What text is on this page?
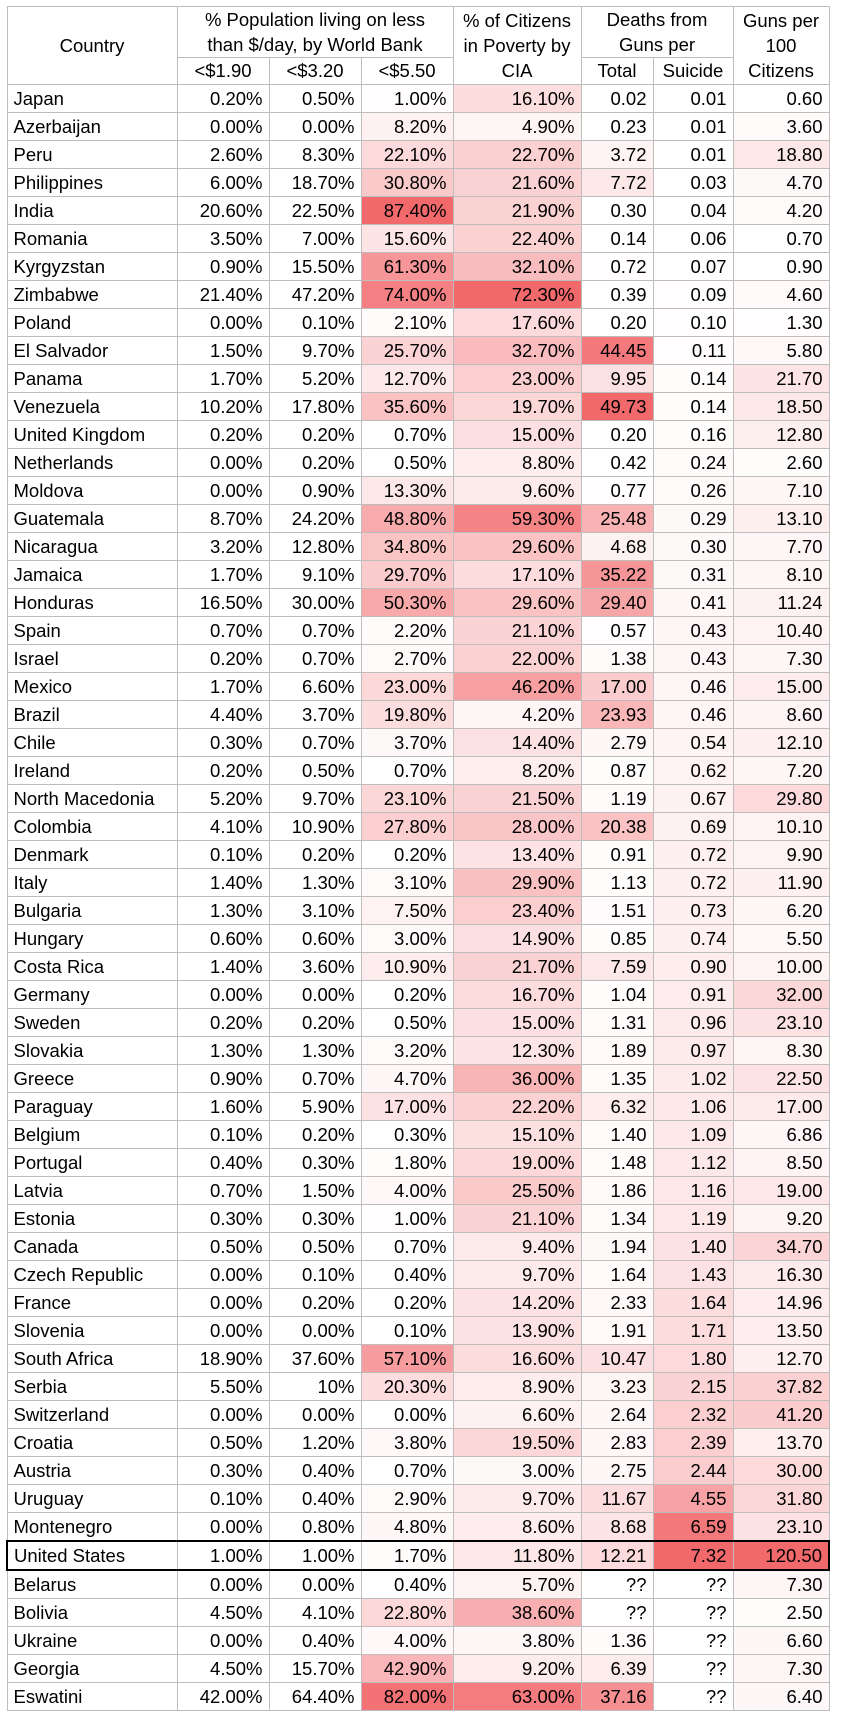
Country	% Population living on less than $/day, by World Bank			% of Citizens in Poverty by CIA	Deaths from Guns per		Guns per 100 Citizens
	<$1.90	<$3.20	<$5.50		Total	Suicide	
Japan	0.20%	0.50%	1.00%	16.10%	0.02	0.01	0.60
Azerbaijan	0.00%	0.00%	8.20%	4.90%	0.23	0.01	3.60
Peru	2.60%	8.30%	22.10%	22.70%	3.72	0.01	18.80
Philippines	6.00%	18.70%	30.80%	21.60%	7.72	0.03	4.70
India	20.60%	22.50%	87.40%	21.90%	0.30	0.04	4.20
Romania	3.50%	7.00%	15.60%	22.40%	0.14	0.06	0.70
Kyrgyzstan	0.90%	15.50%	61.30%	32.10%	0.72	0.07	0.90
Zimbabwe	21.40%	47.20%	74.00%	72.30%	0.39	0.09	4.60
Poland	0.00%	0.10%	2.10%	17.60%	0.20	0.10	1.30
El Salvador	1.50%	9.70%	25.70%	32.70%	44.45	0.11	5.80
Panama	1.70%	5.20%	12.70%	23.00%	9.95	0.14	21.70
Venezuela	10.20%	17.80%	35.60%	19.70%	49.73	0.14	18.50
United Kingdom	0.20%	0.20%	0.70%	15.00%	0.20	0.16	12.80
Netherlands	0.00%	0.20%	0.50%	8.80%	0.42	0.24	2.60
Moldova	0.00%	0.90%	13.30%	9.60%	0.77	0.26	7.10
Guatemala	8.70%	24.20%	48.80%	59.30%	25.48	0.29	13.10
Nicaragua	3.20%	12.80%	34.80%	29.60%	4.68	0.30	7.70
Jamaica	1.70%	9.10%	29.70%	17.10%	35.22	0.31	8.10
Honduras	16.50%	30.00%	50.30%	29.60%	29.40	0.41	11.24
Spain	0.70%	0.70%	2.20%	21.10%	0.57	0.43	10.40
Israel	0.20%	0.70%	2.70%	22.00%	1.38	0.43	7.30
Mexico	1.70%	6.60%	23.00%	46.20%	17.00	0.46	15.00
Brazil	4.40%	3.70%	19.80%	4.20%	23.93	0.46	8.60
Chile	0.30%	0.70%	3.70%	14.40%	2.79	0.54	12.10
Ireland	0.20%	0.50%	0.70%	8.20%	0.87	0.62	7.20
North Macedonia	5.20%	9.70%	23.10%	21.50%	1.19	0.67	29.80
Colombia	4.10%	10.90%	27.80%	28.00%	20.38	0.69	10.10
Denmark	0.10%	0.20%	0.20%	13.40%	0.91	0.72	9.90
Italy	1.40%	1.30%	3.10%	29.90%	1.13	0.72	11.90
Bulgaria	1.30%	3.10%	7.50%	23.40%	1.51	0.73	6.20
Hungary	0.60%	0.60%	3.00%	14.90%	0.85	0.74	5.50
Costa Rica	1.40%	3.60%	10.90%	21.70%	7.59	0.90	10.00
Germany	0.00%	0.00%	0.20%	16.70%	1.04	0.91	32.00
Sweden	0.20%	0.20%	0.50%	15.00%	1.31	0.96	23.10
Slovakia	1.30%	1.30%	3.20%	12.30%	1.89	0.97	8.30
Greece	0.90%	0.70%	4.70%	36.00%	1.35	1.02	22.50
Paraguay	1.60%	5.90%	17.00%	22.20%	6.32	1.06	17.00
Belgium	0.10%	0.20%	0.30%	15.10%	1.40	1.09	6.86
Portugal	0.40%	0.30%	1.80%	19.00%	1.48	1.12	8.50
Latvia	0.70%	1.50%	4.00%	25.50%	1.86	1.16	19.00
Estonia	0.30%	0.30%	1.00%	21.10%	1.34	1.19	9.20
Canada	0.50%	0.50%	0.70%	9.40%	1.94	1.40	34.70
Czech Republic	0.00%	0.10%	0.40%	9.70%	1.64	1.43	16.30
France	0.00%	0.20%	0.20%	14.20%	2.33	1.64	14.96
Slovenia	0.00%	0.00%	0.10%	13.90%	1.91	1.71	13.50
South Africa	18.90%	37.60%	57.10%	16.60%	10.47	1.80	12.70
Serbia	5.50%	10%	20.30%	8.90%	3.23	2.15	37.82
Switzerland	0.00%	0.00%	0.00%	6.60%	2.64	2.32	41.20
Croatia	0.50%	1.20%	3.80%	19.50%	2.83	2.39	13.70
Austria	0.30%	0.40%	0.70%	3.00%	2.75	2.44	30.00
Uruguay	0.10%	0.40%	2.90%	9.70%	11.67	4.55	31.80
Montenegro	0.00%	0.80%	4.80%	8.60%	8.68	6.59	23.10
United States	1.00%	1.00%	1.70%	11.80%	12.21	7.32	120.50
Belarus	0.00%	0.00%	0.40%	5.70%	??	??	7.30
Bolivia	4.50%	4.10%	22.80%	38.60%	??	??	2.50
Ukraine	0.00%	0.40%	4.00%	3.80%	1.36	??	6.60
Georgia	4.50%	15.70%	42.90%	9.20%	6.39	??	7.30
Eswatini	42.00%	64.40%	82.00%	63.00%	37.16	??	6.40
